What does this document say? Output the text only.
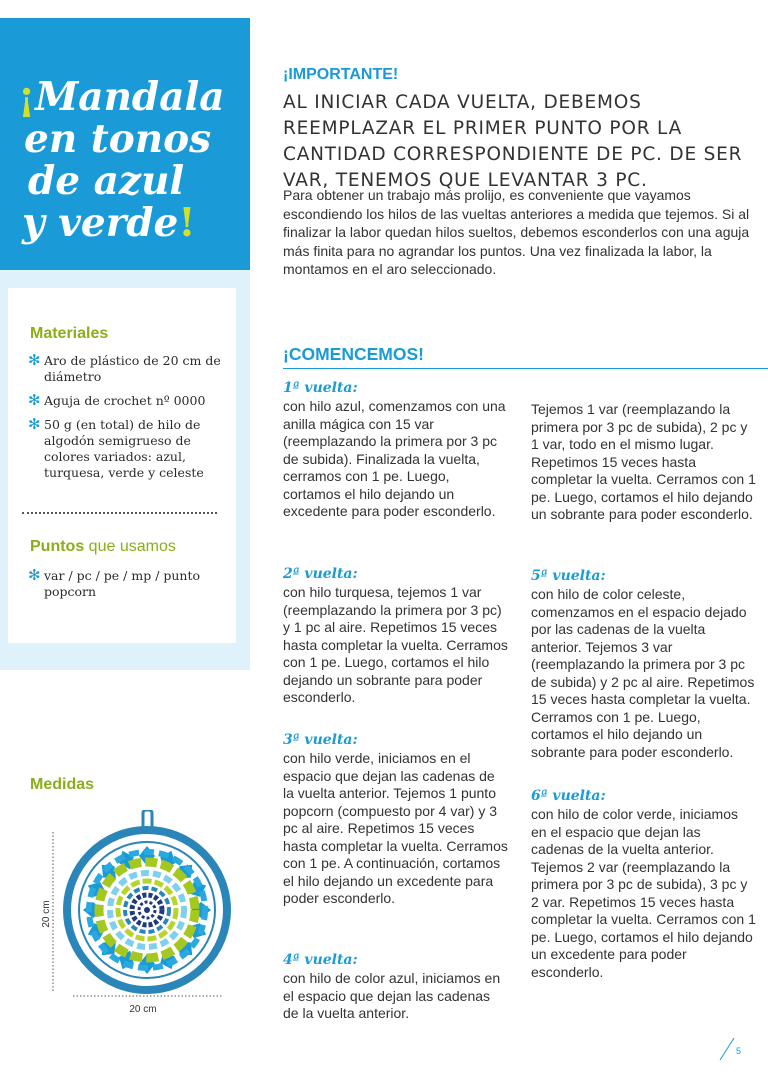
¡Mandala
en tonos
de azul
y verde!
Materiales
✻ Aro de plástico de 20 cm de diámetro
✻ Aguja de crochet nº 0000
✻ 50 g (en total) de hilo de algodón semigrueso de colores variados: azul, turquesa, verde y celeste
Puntos que usamos
✻ var / pc / pe / mp / punto popcorn
Medidas
20 cm
20 cm
¡IMPORTANTE!
AL INICIAR CADA VUELTA, DEBEMOS REEMPLAZAR EL PRIMER PUNTO POR LA CANTIDAD CORRESPONDIENTE DE PC. DE SER VAR, TENEMOS QUE LEVANTAR 3 PC.
Para obtener un trabajo más prolijo, es conveniente que vayamos escondiendo los hilos de las vueltas anteriores a medida que tejemos. Si al finalizar la labor quedan hilos sueltos, debemos esconderlos con una aguja más finita para no agrandar los puntos. Una vez finalizada la labor, la montamos en el aro seleccionado.
¡COMENCEMOS!
1ª vuelta:

con hilo azul, comenzamos con una anilla mágica con 15 var (reemplazando la primera por 3 pc de subida). Finalizada la vuelta, cerramos con 1 pe. Luego, cortamos el hilo dejando un excedente para poder esconderlo.

2ª vuelta:

con hilo turquesa, tejemos 1 var (reemplazando la primera por 3 pc) y 1 pc al aire. Repetimos 15 veces hasta completar la vuelta. Cerramos con 1 pe. Luego, cortamos el hilo dejando un sobrante para poder esconderlo.

3ª vuelta:

con hilo verde, iniciamos en el espacio que dejan las cadenas de la vuelta anterior. Tejemos 1 punto popcorn (compuesto por 4 var) y 3 pc al aire. Repetimos 15 veces hasta completar la vuelta. Cerramos con 1 pe. A continuación, cortamos el hilo dejando un excedente para poder esconderlo.

4ª vuelta:

con hilo de color azul, iniciamos en el espacio que dejan las cadenas de la vuelta anterior.

Tejemos 1 var (reemplazando la primera por 3 pc de subida), 2 pc y 1 var, todo en el mismo lugar. Repetimos 15 veces hasta completar la vuelta. Cerramos con 1 pe. Luego, cortamos el hilo dejando un sobrante para poder esconderlo.

5ª vuelta:

con hilo de color celeste, comenzamos en el espacio dejado por las cadenas de la vuelta anterior. Tejemos 3 var (reemplazando la primera por 3 pc de subida) y 2 pc al aire. Repetimos 15 veces hasta completar la vuelta. Cerramos con 1 pe. Luego, cortamos el hilo dejando un sobrante para poder esconderlo.

6ª vuelta:

con hilo de color verde, iniciamos en el espacio que dejan las cadenas de la vuelta anterior. Tejemos 2 var (reemplazando la primera por 3 pc de subida), 3 pc y 2 var. Repetimos 15 veces hasta completar la vuelta. Cerramos con 1 pe. Luego, cortamos el hilo dejando un excedente para poder esconderlo.

5
